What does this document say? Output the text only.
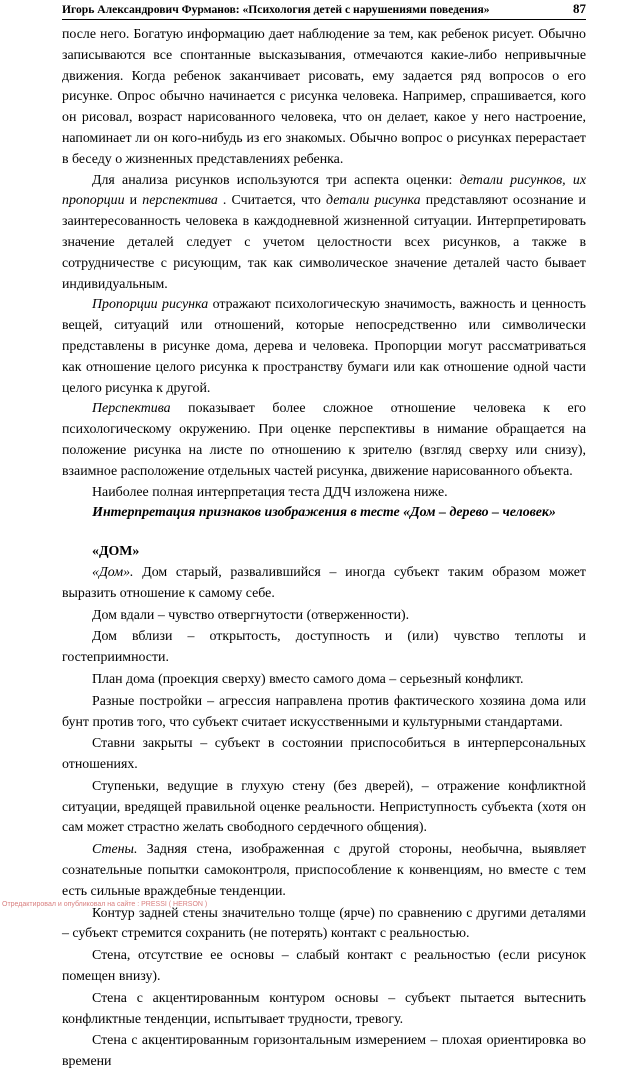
Игорь Александрович Фурманов: «Психология детей с нарушениями поведения»	87

после него. Богатую информацию дает наблюдение за тем, как ребенок рисует. Обычно записываются все спонтанные высказывания, отмечаются какие-либо непривычные движения. Когда ребенок заканчивает рисовать, ему задается ряд вопросов о его рисунке. Опрос обычно начинается с рисунка человека. Например, спрашивается, кого он рисовал, возраст нарисованного человека, что он делает, какое у него настроение, напоминает ли он кого-нибудь из его знакомых. Обычно вопрос о рисунках перерастает в беседу о жизненных представлениях ребенка.

Для анализа рисунков используются три аспекта оценки: детали рисунков, их пропорции и перспектива . Считается, что детали рисунка представляют осознание и заинтересованность человека в каждодневной жизненной ситуации. Интерпретировать значение деталей следует с учетом целостности всех рисунков, а также в сотрудничестве с рисующим, так как символическое значение деталей часто бывает индивидуальным.

Пропорции рисунка отражают психологическую значимость, важность и ценность вещей, ситуаций или отношений, которые непосредственно или символически представлены в рисунке дома, дерева и человека. Пропорции могут рассматриваться как отношение целого рисунка к пространству бумаги или как отношение одной части целого рисунка к другой.

Перспектива показывает более сложное отношение человека к его психологическому окружению. При оценке перспективы в нимание обращается на положение рисунка на листе по отношению к зрителю (взгляд сверху или снизу), взаимное расположение отдельных частей рисунка, движение нарисованного объекта.

Наиболее полная интерпретация теста ДДЧ изложена ниже.

Интерпретация признаков изображения в тесте «Дом – дерево – человек»

«ДОМ»

«Дом». Дом старый, развалившийся – иногда субъект таким образом может выразить отношение к самому себе.

Дом вдали – чувство отвергнутости (отверженности).

Дом вблизи – открытость, доступность и (или) чувство теплоты и гостеприимности.

План дома (проекция сверху) вместо самого дома – серьезный конфликт.

Разные постройки – агрессия направлена против фактического хозяина дома или бунт против того, что субъект считает искусственными и культурными стандартами.

Ставни закрыты – субъект в состоянии приспособиться в интерперсональных отношениях.

Ступеньки, ведущие в глухую стену (без дверей), – отражение конфликтной ситуации, вредящей правильной оценке реальности. Неприступность субъекта (хотя он сам может страстно желать свободного сердечного общения).

Стены. Задняя стена, изображенная с другой стороны, необычна, выявляет сознательные попытки самоконтроля, приспособление к конвенциям, но вместе с тем есть сильные враждебные тенденции.

Контур задней стены значительно толще (ярче) по сравнению с другими деталями – субъект стремится сохранить (не потерять) контакт с реальностью.

Стена, отсутствие ее основы – слабый контакт с реальностью (если рисунок помещен внизу).

Стена с акцентированным контуром основы – субъект пытается вытеснить конфликтные тенденции, испытывает трудности, тревогу.

Стена с акцентированным горизонтальным измерением – плохая ориентировка во времени

Отредактировал и опубликовал на сайте : PRESSI ( HERSON )
